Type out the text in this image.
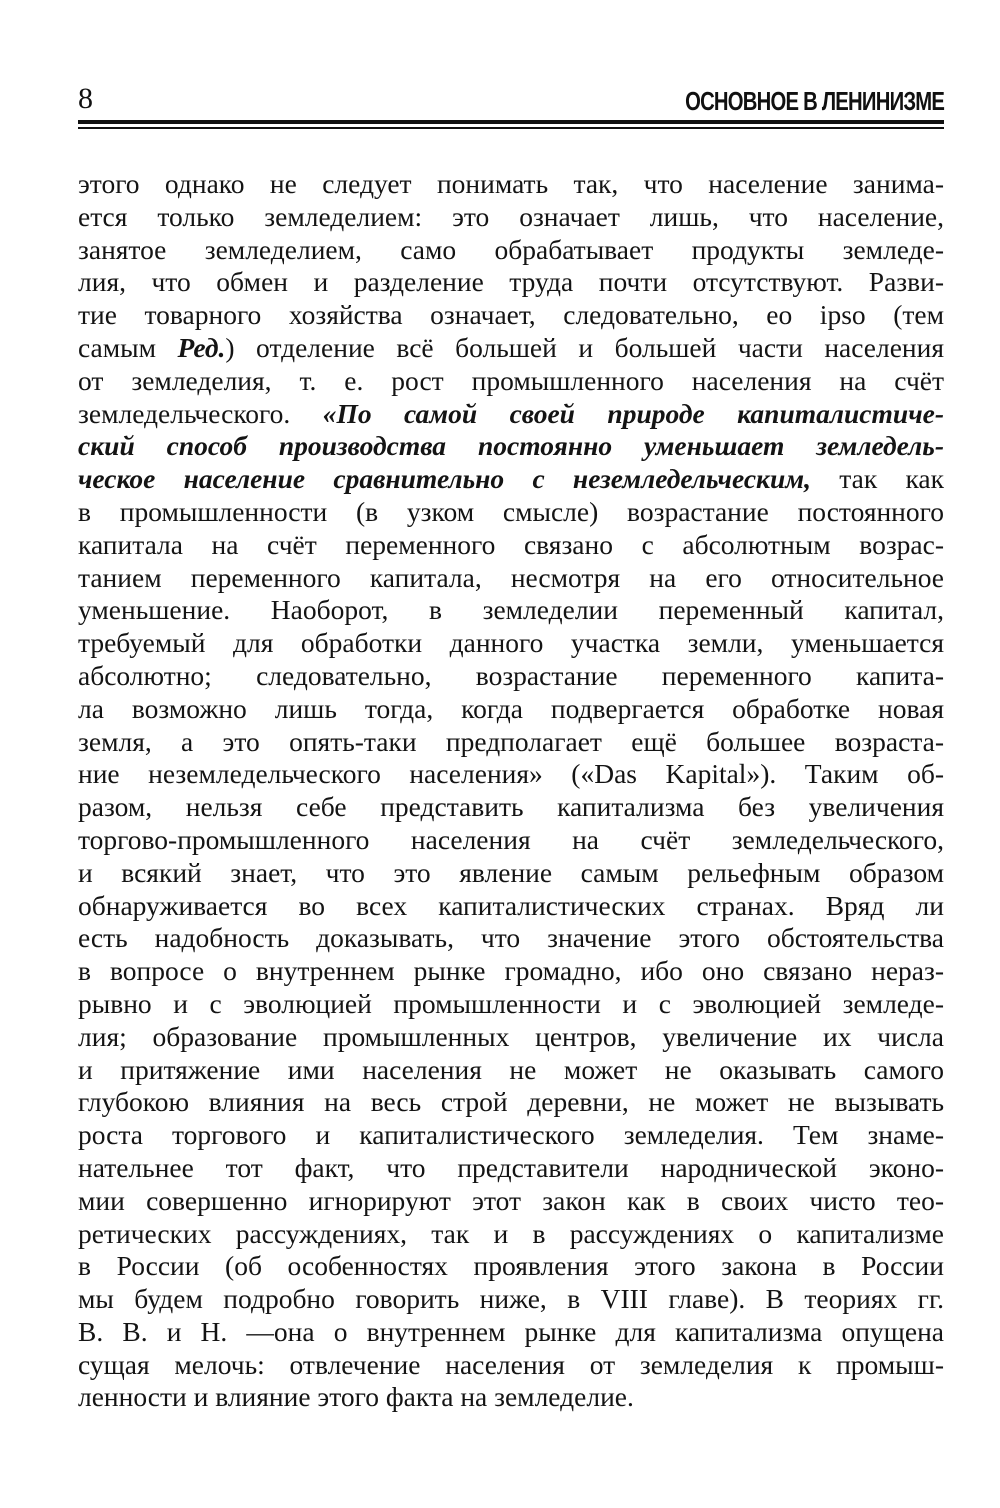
8	ОСНОВНОЕ В ЛЕНИНИЗМЕ
этого однако не следует понимать так, что население занима-
ется только земледелием: это означает лишь, что население,
занятое земледелием, само обрабатывает продукты земледе-
лия, что обмен и разделение труда почти отсутствуют. Разви-
тие товарного хозяйства означает, следовательно, ео ipso (тем
самым Ред.) отделение всё большей и большей части населения
от земледелия, т. е. рост промышленного населения на счёт
земледельческого. «По самой своей природе капиталистиче-
ский способ производства постоянно уменьшает земледель-
ческое население сравнительно с неземледельческим, так как
в промышленности (в узком смысле) возрастание постоянного
капитала на счёт переменного связано с абсолютным возрас-
танием переменного капитала, несмотря на его относительное
уменьшение. Наоборот, в земледелии переменный капитал,
требуемый для обработки данного участка земли, уменьшается
абсолютно; следовательно, возрастание переменного капита-
ла возможно лишь тогда, когда подвергается обработке новая
земля, а это опять-таки предполагает ещё большее возраста-
ние неземледельческого населения» («Das Kapital»). Таким об-
разом, нельзя себе представить капитализма без увеличения
торгово-промышленного населения на счёт земледельческого,
и всякий знает, что это явление самым рельефным образом
обнаруживается во всех капиталистических странах. Вряд ли
есть надобность доказывать, что значение этого обстоятельства
в вопросе о внутреннем рынке громадно, ибо оно связано нераз-
рывно и с эволюцией промышленности и с эволюцией земледе-
лия; образование промышленных центров, увеличение их числа
и притяжение ими населения не может не оказывать самого
глубокою влияния на весь строй деревни, не может не вызывать
роста торгового и капиталистического земледелия. Тем знаме-
нательнее тот факт, что представители народнической эконо-
мии совершенно игнорируют этот закон как в своих чисто тео-
ретических рассуждениях, так и в рассуждениях о капитализме
в России (об особенностях проявления этого закона в России
мы будем подробно говорить ниже, в VIII главе). В теориях гг.
В. В. и Н. —она о внутреннем рынке для капитализма опущена
сущая мелочь: отвлечение населения от земледелия к промыш-
ленности и влияние этого факта на земледелие.
